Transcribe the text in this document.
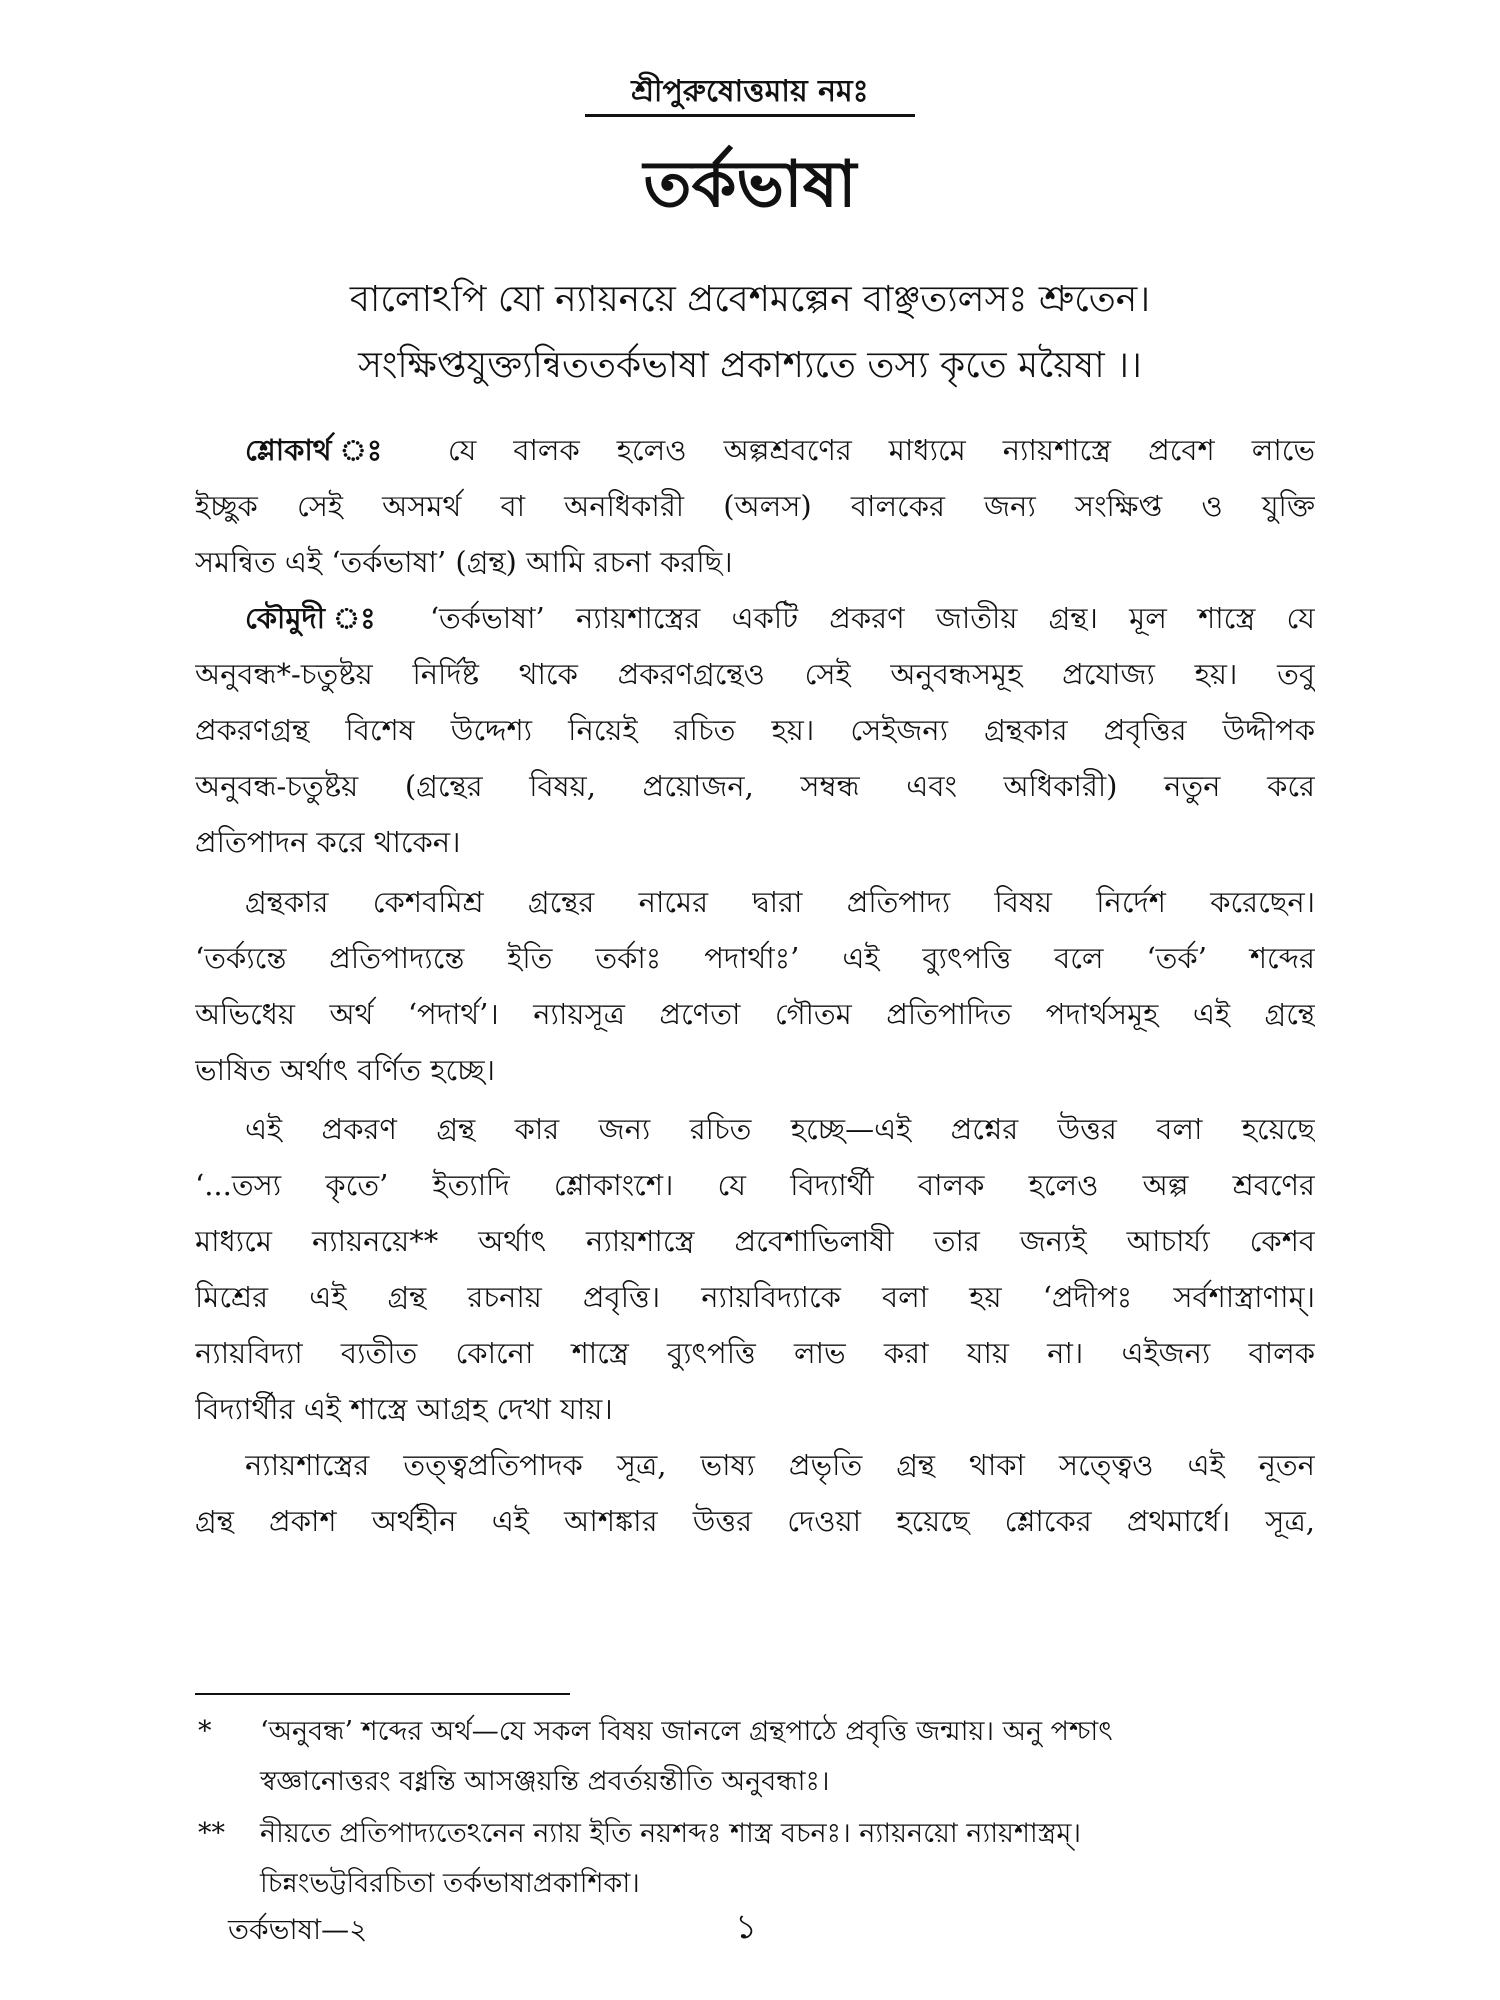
শ্রীপুরুষোত্তমায় নমঃ
তর্কভাষা
বালোঽপি যো ন্যায়নয়ে প্রবেশমল্পেন বাঞ্ছত্যলসঃ শ্রুতেন।
সংক্ষিপ্তযুক্ত্যন্বিততর্কভাষা প্রকাশ্যতে তস্য কৃতে ময়ৈষা ।।
শ্লোকার্থ ঃ যে বালক হলেও অল্পশ্রবণের মাধ্যমে ন্যায়শাস্ত্রে প্রবেশ লাভে
ইচ্ছুক সেই অসমর্থ বা অনধিকারী (অলস) বালকের জন্য সংক্ষিপ্ত ও যুক্তি
সমন্বিত এই ‘তর্কভাষা’ (গ্রন্থ) আমি রচনা করছি।
কৌমুদী ঃ ‘তর্কভাষা’ ন্যায়শাস্ত্রের একটি প্রকরণ জাতীয় গ্রন্থ। মূল শাস্ত্রে যে
অনুবন্ধ*-চতুষ্টয় নির্দিষ্ট থাকে প্রকরণগ্রন্থেও সেই অনুবন্ধসমূহ প্রযোজ্য হয়। তবু
প্রকরণগ্রন্থ বিশেষ উদ্দেশ্য নিয়েই রচিত হয়। সেইজন্য গ্রন্থকার প্রবৃত্তির উদ্দীপক
অনুবন্ধ-চতুষ্টয় (গ্রন্থের বিষয়, প্রয়োজন, সম্বন্ধ এবং অধিকারী) নতুন করে
প্রতিপাদন করে থাকেন।
গ্রন্থকার কেশবমিশ্র গ্রন্থের নামের দ্বারা প্রতিপাদ্য বিষয় নির্দেশ করেছেন।
‘তর্ক্যন্তে প্রতিপাদ্যন্তে ইতি তর্কাঃ পদার্থাঃ’ এই ব্যুৎপত্তি বলে ‘তর্ক’ শব্দের
অভিধেয় অর্থ ‘পদার্থ’। ন্যায়সূত্র প্রণেতা গৌতম প্রতিপাদিত পদার্থসমূহ এই গ্রন্থে
ভাষিত অর্থাৎ বর্ণিত হচ্ছে।
এই প্রকরণ গ্রন্থ কার জন্য রচিত হচ্ছে—এই প্রশ্নের উত্তর বলা হয়েছে
‘...তস্য কৃতে’ ইত্যাদি শ্লোকাংশে। যে বিদ্যার্থী বালক হলেও অল্প শ্রবণের
মাধ্যমে ন্যায়নয়ে** অর্থাৎ ন্যায়শাস্ত্রে প্রবেশাভিলাষী তার জন্যই আচার্য্য কেশব
মিশ্রের এই গ্রন্থ রচনায় প্রবৃত্তি। ন্যায়বিদ্যাকে বলা হয় ‘প্রদীপঃ সর্বশাস্ত্রাণাম্।
ন্যায়বিদ্যা ব্যতীত কোনো শাস্ত্রে ব্যুৎপত্তি লাভ করা যায় না। এইজন্য বালক
বিদ্যার্থীর এই শাস্ত্রে আগ্রহ দেখা যায়।
ন্যায়শাস্ত্রের তত্ত্বপ্রতিপাদক সূত্র, ভাষ্য প্রভৃতি গ্রন্থ থাকা সত্ত্বেও এই নূতন
গ্রন্থ প্রকাশ অর্থহীন এই আশঙ্কার উত্তর দেওয়া হয়েছে শ্লোকের প্রথমার্ধে। সূত্র,
* ‘অনুবন্ধ’ শব্দের অর্থ—যে সকল বিষয় জানলে গ্রন্থপাঠে প্রবৃত্তি জন্মায়। অনু পশ্চাৎ
স্বজ্ঞানোত্তরং বধ্নন্তি আসঞ্জয়ন্তি প্রবর্তয়ন্তীতি অনুবন্ধাঃ।
** নীয়তে প্রতিপাদ্যতেঽনেন ন্যায় ইতি নয়শব্দঃ শাস্ত্র বচনঃ। ন্যায়নয়ো ন্যায়শাস্ত্রম্।
চিন্নংভট্টবিরচিতা তর্কভাষাপ্রকাশিকা।
তর্কভাষা—২	১
